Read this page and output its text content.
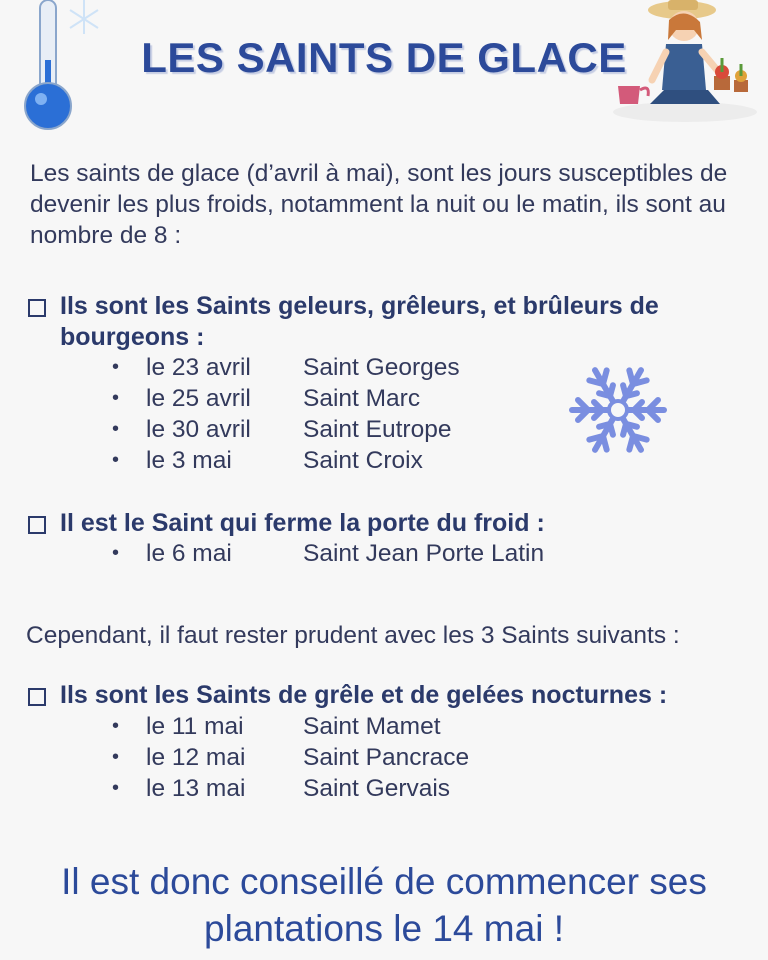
LES SAINTS DE GLACE
Les saints de glace (d’avril à mai), sont les jours susceptibles de devenir les plus froids, notamment la nuit ou le matin, ils sont au nombre de 8 :
Ils sont les Saints geleurs, grêleurs, et brûleurs de bourgeons :
•	le 23 avril	Saint Georges
•	le 25 avril	Saint Marc
•	le 30 avril	Saint Eutrope
•	le 3 mai	Saint Croix
Il est le Saint qui ferme la porte du froid :
•	le 6 mai	Saint Jean Porte Latin
Cependant, il faut rester prudent avec les 3 Saints suivants :
Ils sont les Saints de grêle et de gelées nocturnes :
•	le 11 mai	Saint Mamet
•	le 12 mai	Saint Pancrace
•	le 13 mai	Saint Gervais
Il est donc conseillé de commencer ses
plantations le 14 mai !
